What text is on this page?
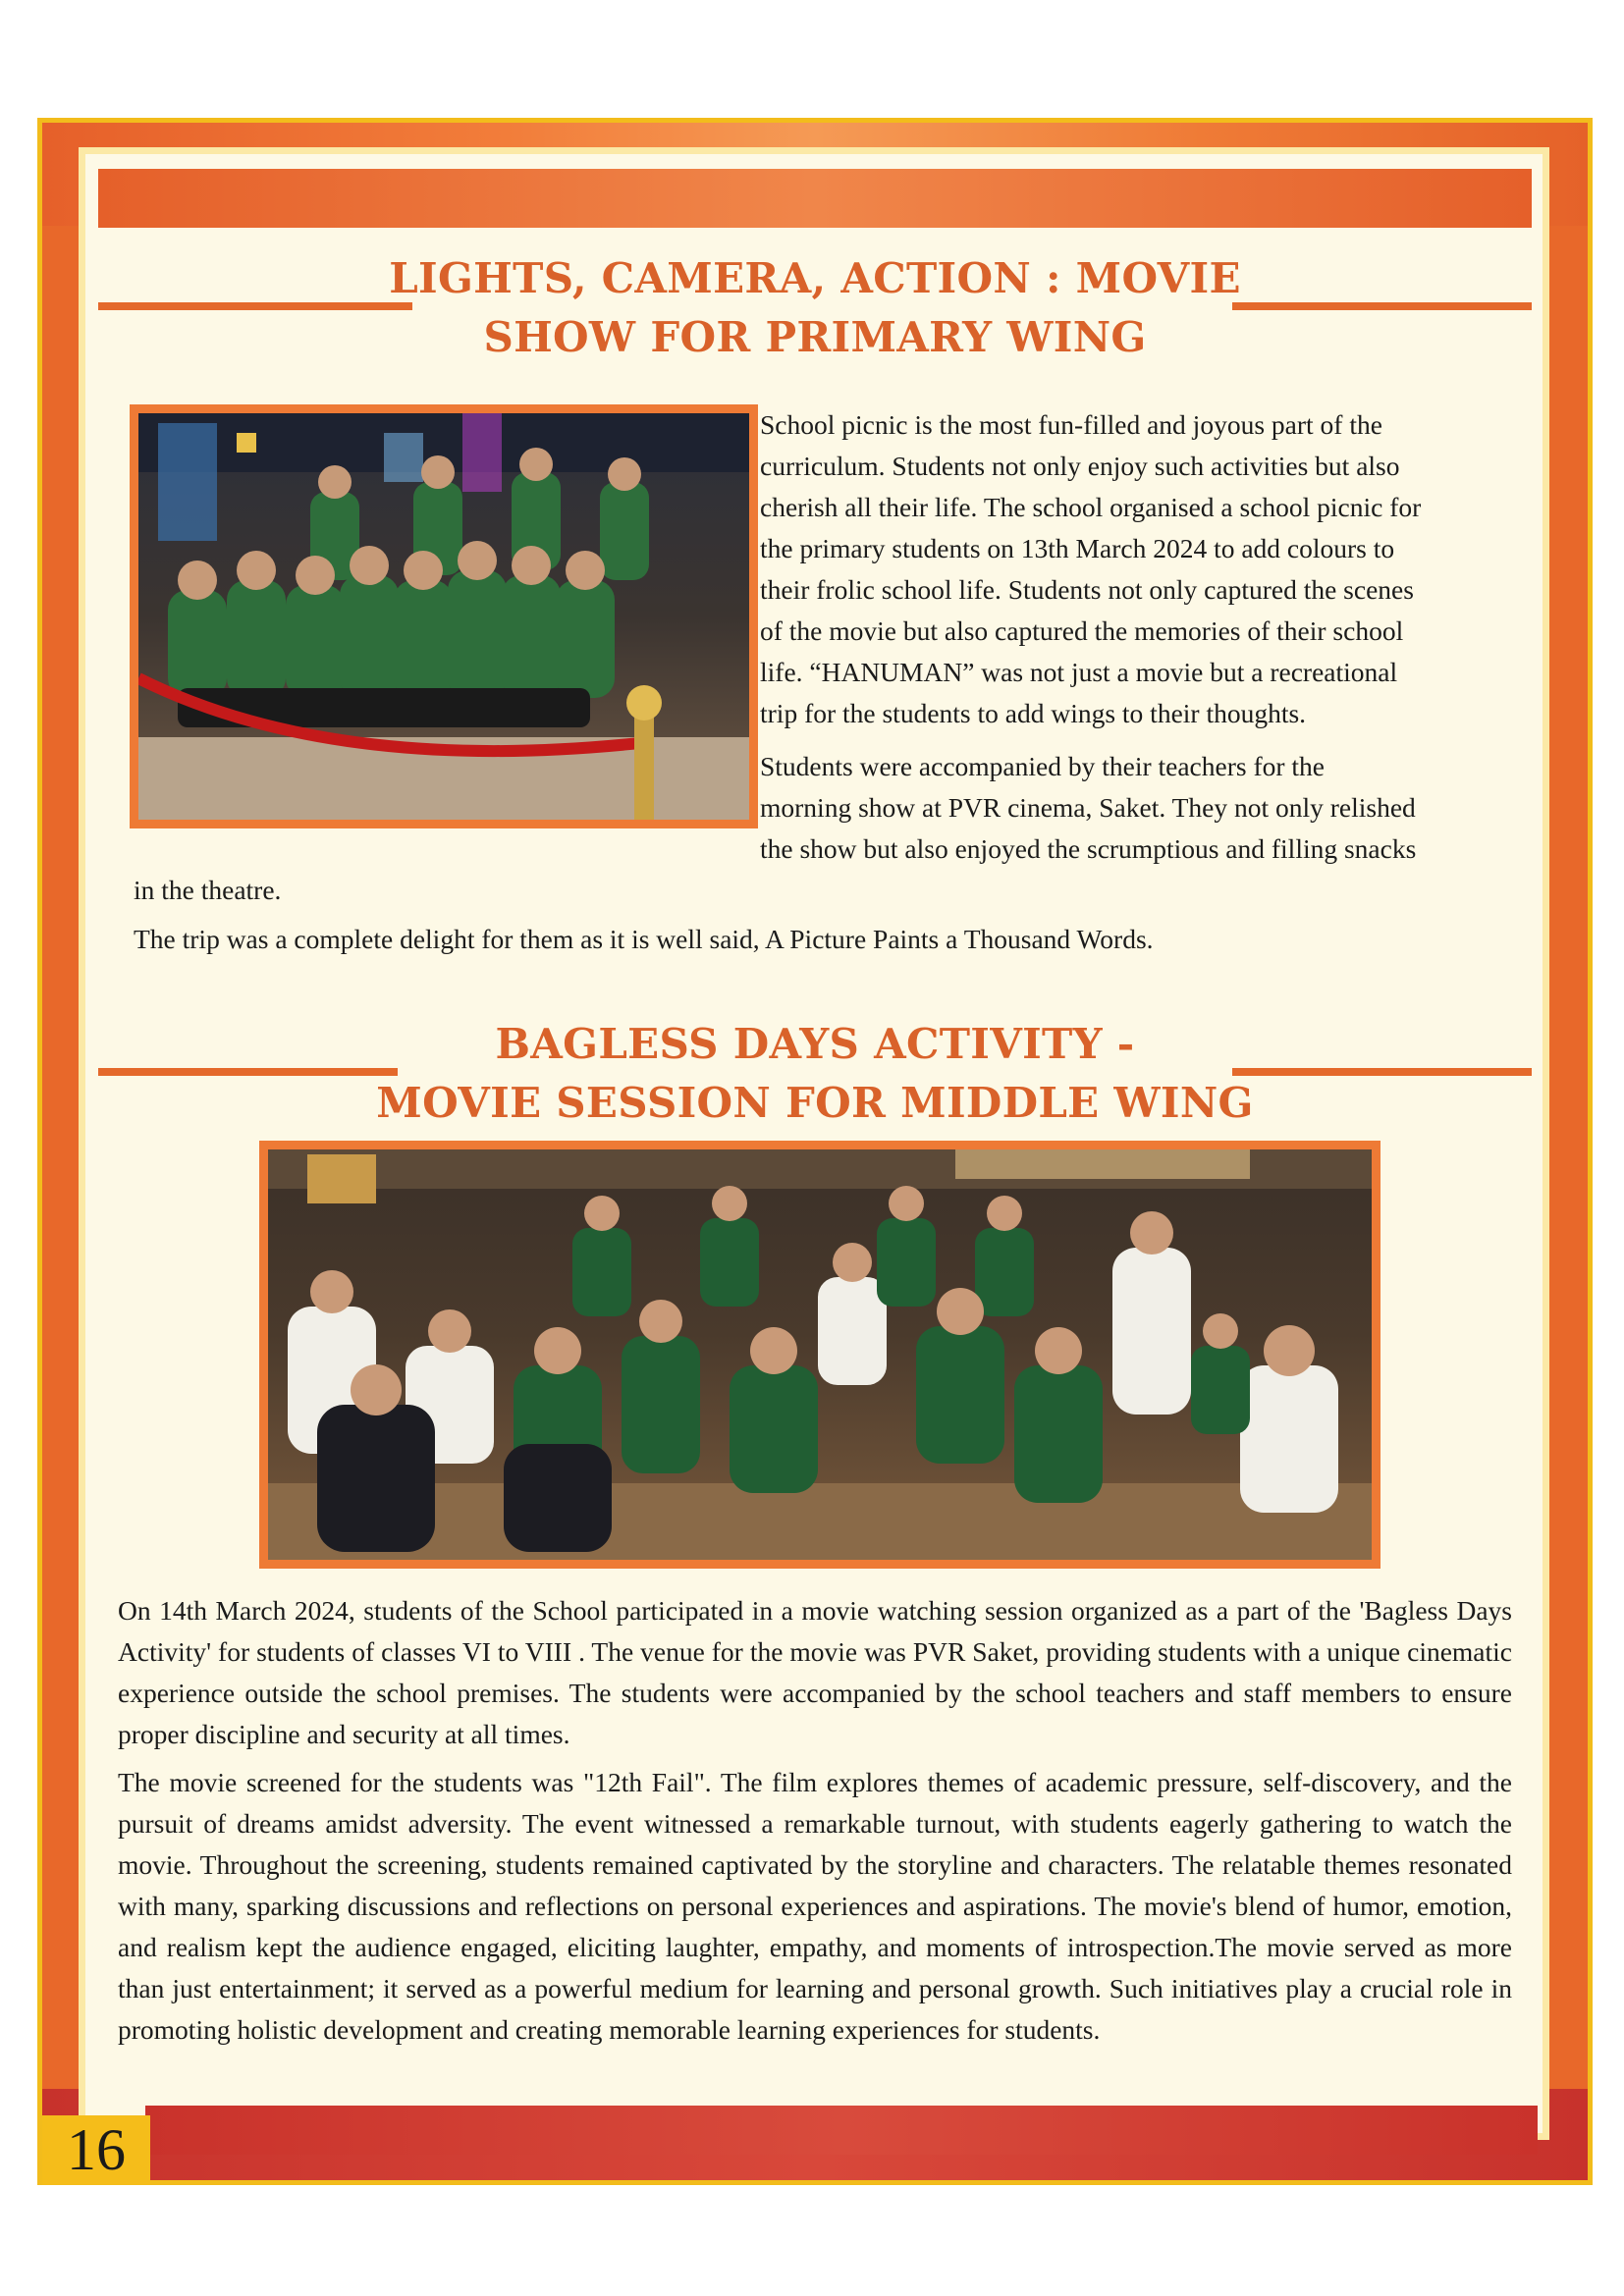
LIGHTS, CAMERA, ACTION : MOVIE
SHOW FOR PRIMARY WING
School picnic is the most fun-filled and joyous part of the
curriculum. Students not only enjoy such activities but also
cherish all their life. The school organised a school picnic for
the primary students on 13th March 2024 to add colours to
their frolic school life. Students not only captured the scenes
of the movie but also captured the memories of their school
life. “HANUMAN” was not just a movie but a recreational
trip for the students to add wings to their thoughts.
Students were accompanied by their teachers for the
morning show at PVR cinema, Saket. They not only relished
the show but also enjoyed the scrumptious and filling snacks
in the theatre.
The trip was a complete delight for them as it is well said, A Picture Paints a Thousand Words.
BAGLESS DAYS ACTIVITY -
MOVIE SESSION FOR MIDDLE WING

On 14th March 2024, students of the School participated in a movie watching session organized as a part of the 'Bagless Days Activity' for students of classes VI to VIII . The venue for the movie was PVR Saket, providing students with a unique cinematic experience outside the school premises. The students were accompanied by the school teachers and staff members to ensure proper discipline and security at all times.

The movie screened for the students was "12th Fail". The film explores themes of academic pressure, self-discovery, and the pursuit of dreams amidst adversity. The event witnessed a remarkable turnout, with students eagerly gathering to watch the movie. Throughout the screening, students remained captivated by the storyline and characters. The relatable themes resonated with many, sparking discussions and reflections on personal experiences and aspirations. The movie's blend of humor, emotion, and realism kept the audience engaged, eliciting laughter, empathy, and moments of introspection.The movie served as more than just entertainment; it served as a powerful medium for learning and personal growth. Such initiatives play a crucial role in promoting holistic development and creating memorable learning experiences for students.

16
